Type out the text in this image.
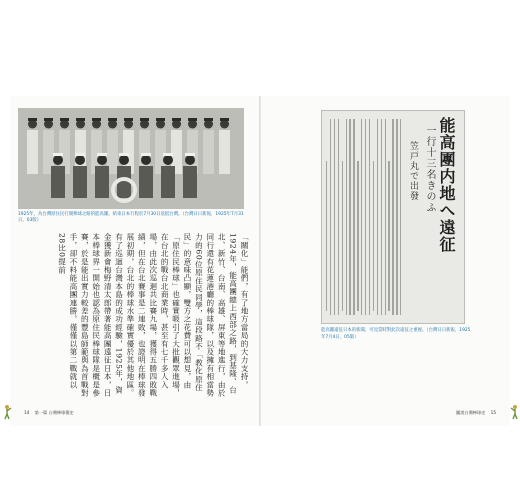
1925年，為台灣原住民打開棒球之路的能高團。結束日本行程於7月30日返抵台灣。（台灣日日新報，1925年7月31日，03版）
「關化」能們，有了地方當局的大力支持，1924年，能高團總上西部之路，到基隆、台北、新竹、台南、高雄、屏東等地進行，由於同行還有花蓮港廳的棒球隊，以及擁有相當勢力的60位原住民同學，這段路不「教化原住民」的意味凸顯，雙方之花費可以想見，由「原住民棒球」也確實吸引了大批觀眾進場，在台北的戰台北商業時，甚至有七千多人入場，由此次巡迴共比賽九場，獲得五勝四敗戰績，但在台北賽事是二連敗，也證明在棒球發展初期，台北的棒球水準確實優於其他地區。有了巡迴台灣本島的成功經驗，1925年，資金獲新會梅野清太郎帶著能高團遠征日本，日本棒球界一開始也認為原住民棒球隊是概是參賽，於是能出實力較差的豐島師範與為首戰對手，卻不料能高團連勝，僅僅以第二戰就以28比0提前
14 第一篇 台灣棒球簡史
能高團内地へ遠征
一行十三名きのふ
笠戸丸で出發
能高團遠征日本的新聞，可見當時對此次遠征之重視。（台灣日日新報，1925年7月4日，05版）
圖說台灣棒球史 15
